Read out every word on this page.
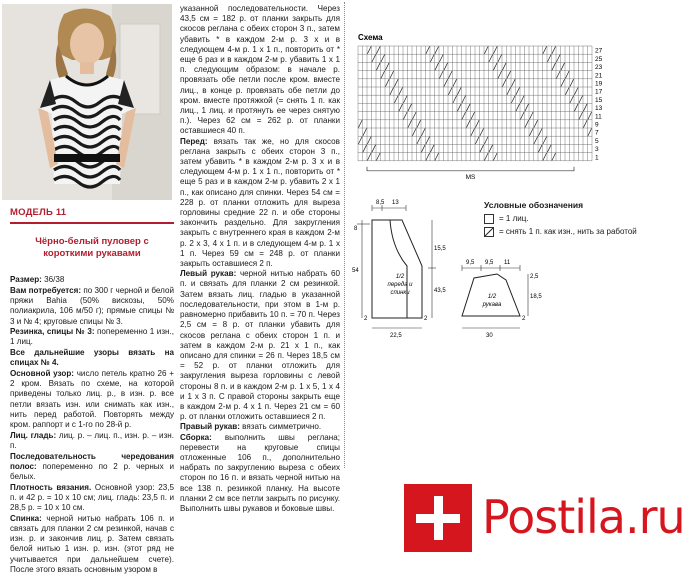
МОДЕЛЬ 11
Чёрно-белый пуловер с короткими рукавами
Размер: 36/38
Вам потребуется: по 300 г черной и белой пряжи Bahia (50% вискозы, 50% полиакрила, 106 м/50 г); прямые спицы № 3 и № 4; круговые спицы № 3.
Резинка, спицы № 3: попеременно 1 изн., 1 лиц.
Все дальнейшие узоры вязать на спицах № 4.
Основной узор: число петель кратно 26 + 2 кром. Вязать по схеме, на которой приведены только лиц. р., в изн. р. все петли вязать изн. или снимать как изн., нить перед работой. Повторять между кром. раппорт и с 1-го по 28-й р.
Лиц. гладь: лиц. р. – лиц. п., изн. р. – изн. п.
Последовательность чередования полос: попеременно по 2 р. черных и белых.
Плотность вязания. Основной узор: 23,5 п. и 42 р. = 10 х 10 см; лиц. гладь: 23,5 п. и 28,5 р. = 10 х 10 см.
Спинка: черной нитью набрать 106 п. и связать для планки 2 см резинкой, начав с изн. р. и закончив лиц. р. Затем связать белой нитью 1 изн. р. изн. (этот ряд не учитывается при дальнейшем счете). После этого вязать основным узором в
указанной последовательности. Через 43,5 см = 182 р. от планки закрыть для скосов реглана с обеих сторон 3 п., затем убавить * в каждом 2-м р. 3 х и в следующем 4-м р. 1 х 1 п., повторить от * еще 6 раз и в каждом 2-м р. убавить 1 х 1 п. следующим образом: в начале р. провязать обе петли после кром. вместе лиц., в конце р. провязать обе петли до кром. вместе протяжкой (= снять 1 п. как лиц., 1 лиц. и протянуть ее через снятую п.). Через 62 см = 262 р. от планки оставшиеся 40 п.
Перед: вязать так же, но для скосов реглана закрыть с обеих сторон 3 п., затем убавить * в каждом 2-м р. 3 х и в следующем 4-м р. 1 х 1 п., повторить от * еще 5 раз и в каждом 2-м р. убавить 2 х 1 п., как описано для спинки. Через 54 см = 228 р. от планки отложить для выреза горловины средние 22 п. и обе стороны закончить раздельно. Для закругления закрыть с внутреннего края в каждом 2-м р. 2 х 3, 4 х 1 п. и в следующем 4-м р. 1 х 1 п. Через 59 см = 248 р. от планки закрыть оставшиеся 2 п.
Левый рукав: черной нитью набрать 60 п. и связать для планки 2 см резинкой. Затем вязать лиц. гладью в указанной последовательности, при этом в 1-м р. равномерно прибавить 10 п. = 70 п. Через 2,5 см = 8 р. от планки убавить для скосов реглана с обеих сторон 1 п. и затем в каждом 2-м р. 21 х 1 п., как описано для спинки = 26 п. Через 18,5 см = 52 р. от планки отложить для закругления выреза горловины с левой стороны 8 п. и в каждом 2-м р. 1 х 5, 1 х 4 и 1 х 3 п. С правой стороны закрыть еще в каждом 2-м р. 4 х 1 п. Через 21 см = 60 р. от планки отложить оставшиеся 2 п.
Правый рукав: вязать симметрично.
Сборка: выполнить швы реглана; перевести на круговые спицы отложенные 106 п., дополнительно набрать по закруглению выреза с обеих сторон по 16 п. и вязать черной нитью на все 138 п. резинкой планку. На высоте планки 2 см все петли закрыть по рисунку. Выполнить швы рукавов и боковые швы.
Схема
27
25
23
21
19
17
15
13
11
9
7
5
3
1
MS
1/2 переда и спинки
1/2 рукава
8,5 13
8
15,5
54
43,5
22,5
2	2
9,5 9,5 11
2,5
18,5
30
2
Условные обозначения
= 1 лиц.
= снять 1 п. как изн., нить за работой
Postila.ru
